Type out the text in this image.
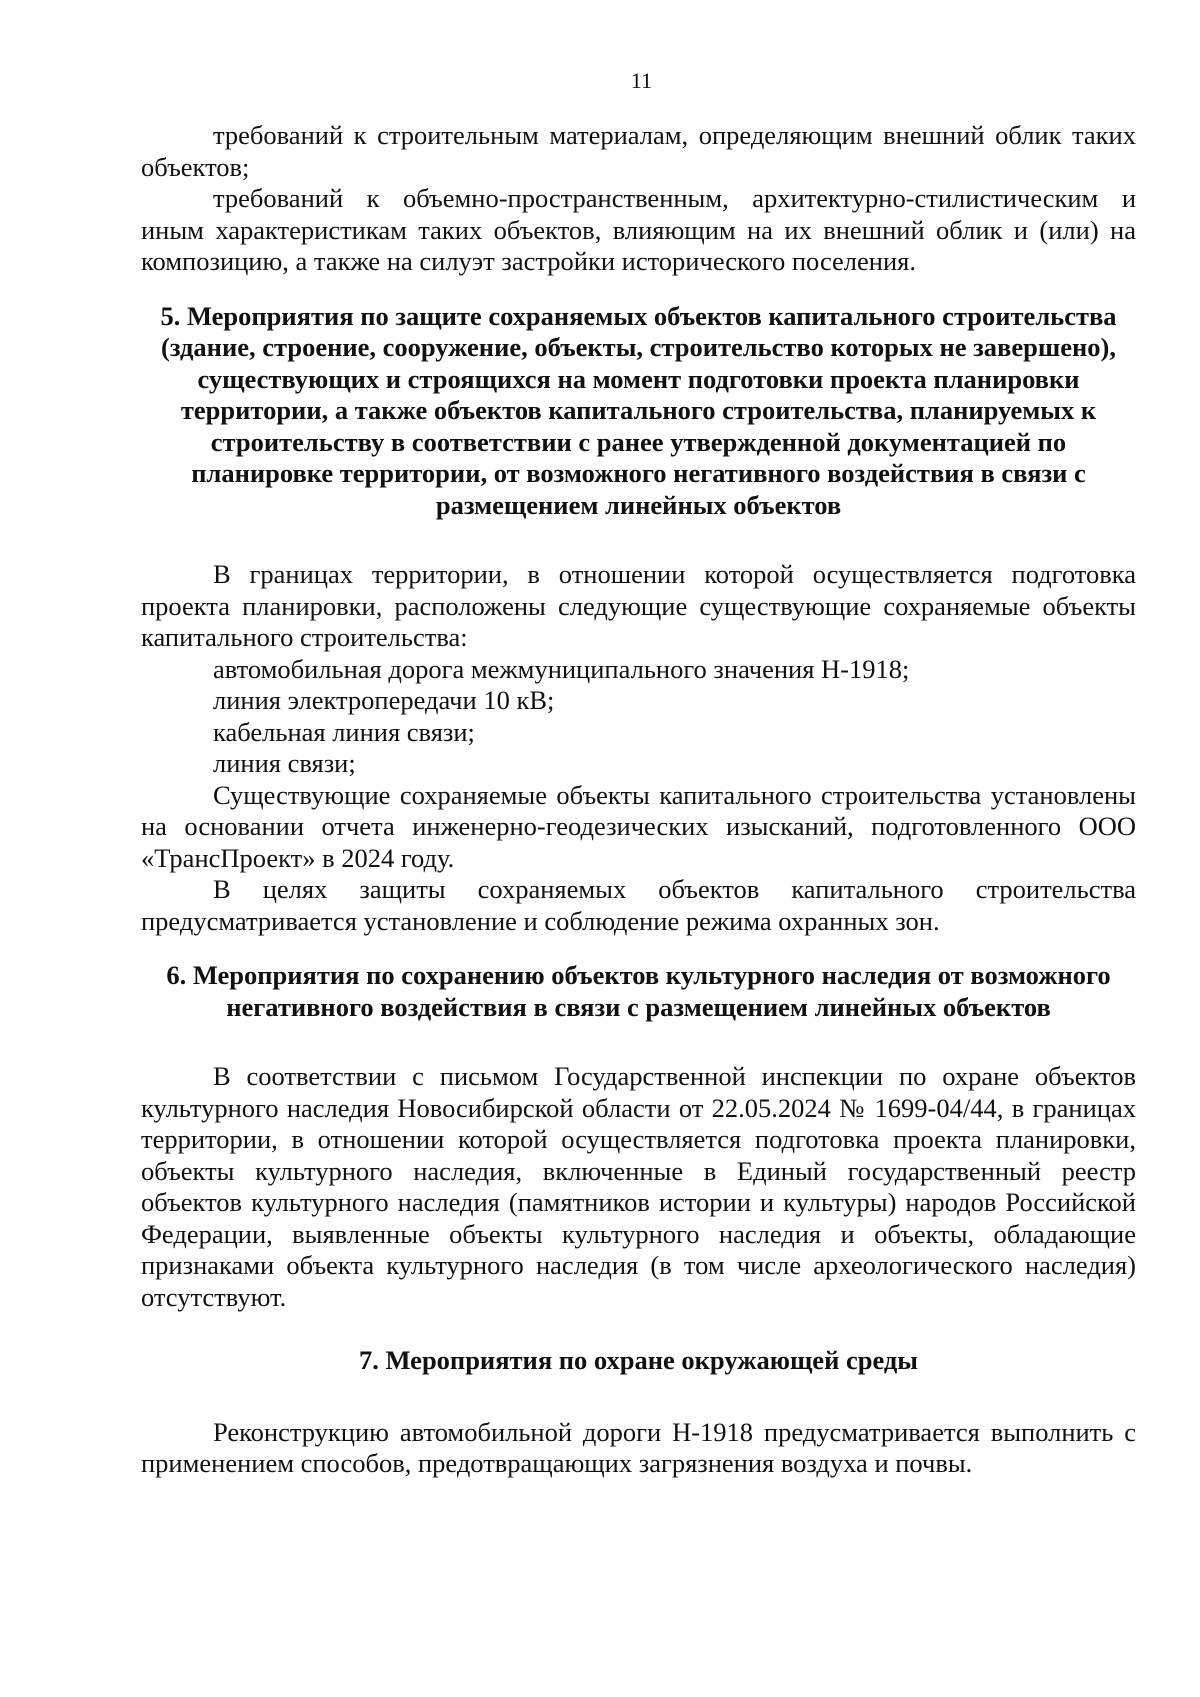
11

требований к строительным материалам, определяющим внешний облик таких объектов;

требований к объемно-пространственным, архитектурно-стилистическим и иным характеристикам таких объектов, влияющим на их внешний облик и (или) на композицию, а также на силуэт застройки исторического поселения.

5. Мероприятия по защите сохраняемых объектов капитального строительства (здание, строение, сооружение, объекты, строительство которых не завершено), существующих и строящихся на момент подготовки проекта планировки территории, а также объектов капитального строительства, планируемых к строительству в соответствии с ранее утвержденной документацией по планировке территории, от возможного негативного воздействия в связи с размещением линейных объектов

В границах территории, в отношении которой осуществляется подготовка проекта планировки, расположены следующие существующие сохраняемые объекты капитального строительства:

автомобильная дорога межмуниципального значения Н-1918;

линия электропередачи 10 кВ;

кабельная линия связи;

линия связи;

Существующие сохраняемые объекты капитального строительства установлены на основании отчета инженерно-геодезических изысканий, подготовленного ООО «ТрансПроект» в 2024 году.

В целях защиты сохраняемых объектов капитального строительства предусматривается установление и соблюдение режима охранных зон.

6. Мероприятия по сохранению объектов культурного наследия от возможного негативного воздействия в связи с размещением линейных объектов

В соответствии с письмом Государственной инспекции по охране объектов культурного наследия Новосибирской области от 22.05.2024 № 1699-04/44, в границах территории, в отношении которой осуществляется подготовка проекта планировки, объекты культурного наследия, включенные в Единый государственный реестр объектов культурного наследия (памятников истории и культуры) народов Российской Федерации, выявленные объекты культурного наследия и объекты, обладающие признаками объекта культурного наследия (в том числе археологического наследия) отсутствуют.

7. Мероприятия по охране окружающей среды

Реконструкцию автомобильной дороги Н-1918 предусматривается выполнить с применением способов, предотвращающих загрязнения воздуха и почвы.
